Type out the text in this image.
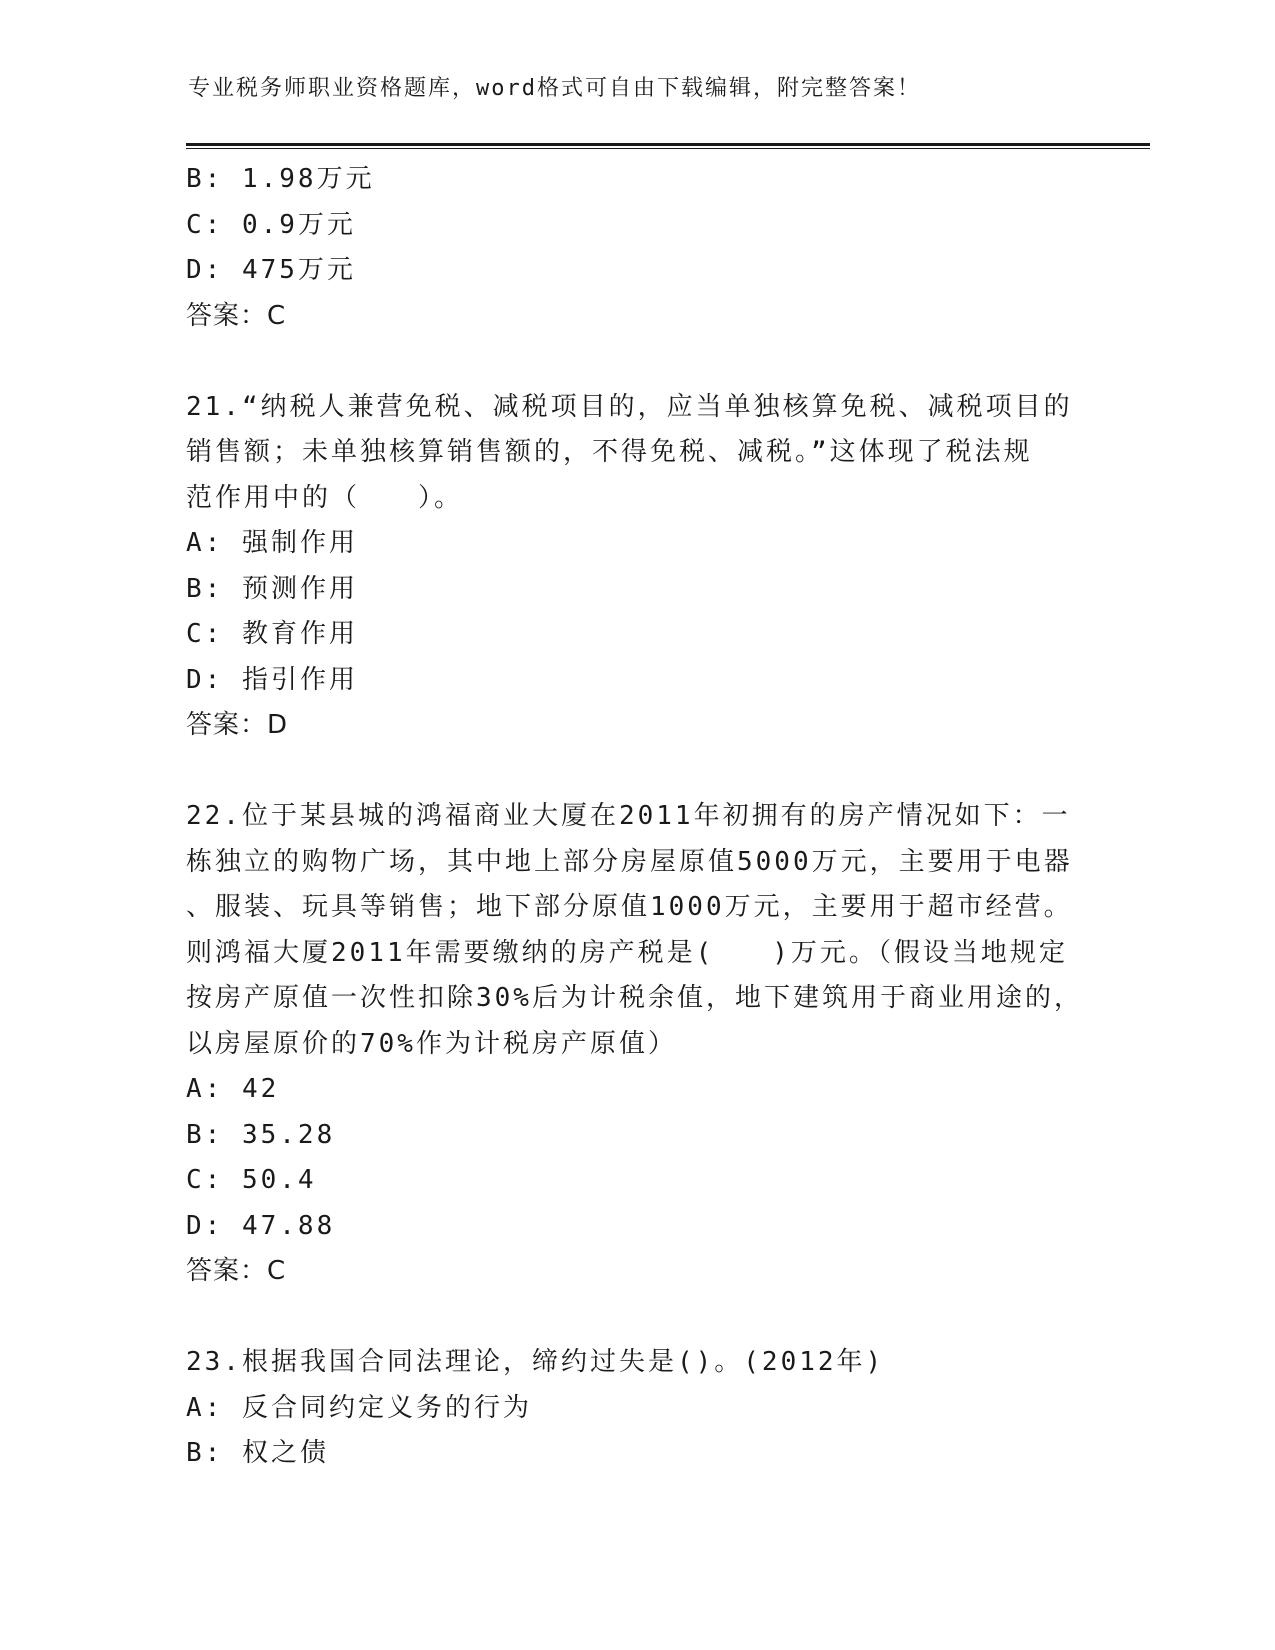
专业税务师职业资格题库，word格式可自由下载编辑，附完整答案！
B: 1.98万元
C: 0.9万元
D: 475万元
答案：C
21.“纳税人兼营免税、减税项目的，应当单独核算免税、减税项目的
销售额；未单独核算销售额的，不得免税、减税。”这体现了税法规
范作用中的（　　）。
A: 强制作用
B: 预测作用
C: 教育作用
D: 指引作用
答案：D
22.位于某县城的鸿福商业大厦在2011年初拥有的房产情况如下：一
栋独立的购物广场，其中地上部分房屋原值5000万元，主要用于电器
、服装、玩具等销售；地下部分原值1000万元，主要用于超市经营。
则鸿福大厦2011年需要缴纳的房产税是(　　)万元。（假设当地规定
按房产原值一次性扣除30%后为计税余值，地下建筑用于商业用途的，
以房屋原价的70%作为计税房产原值）
A: 42
B: 35.28
C: 50.4
D: 47.88
答案：C
23.根据我国合同法理论，缔约过失是()。(2012年)
A: 反合同约定义务的行为
B: 权之债
